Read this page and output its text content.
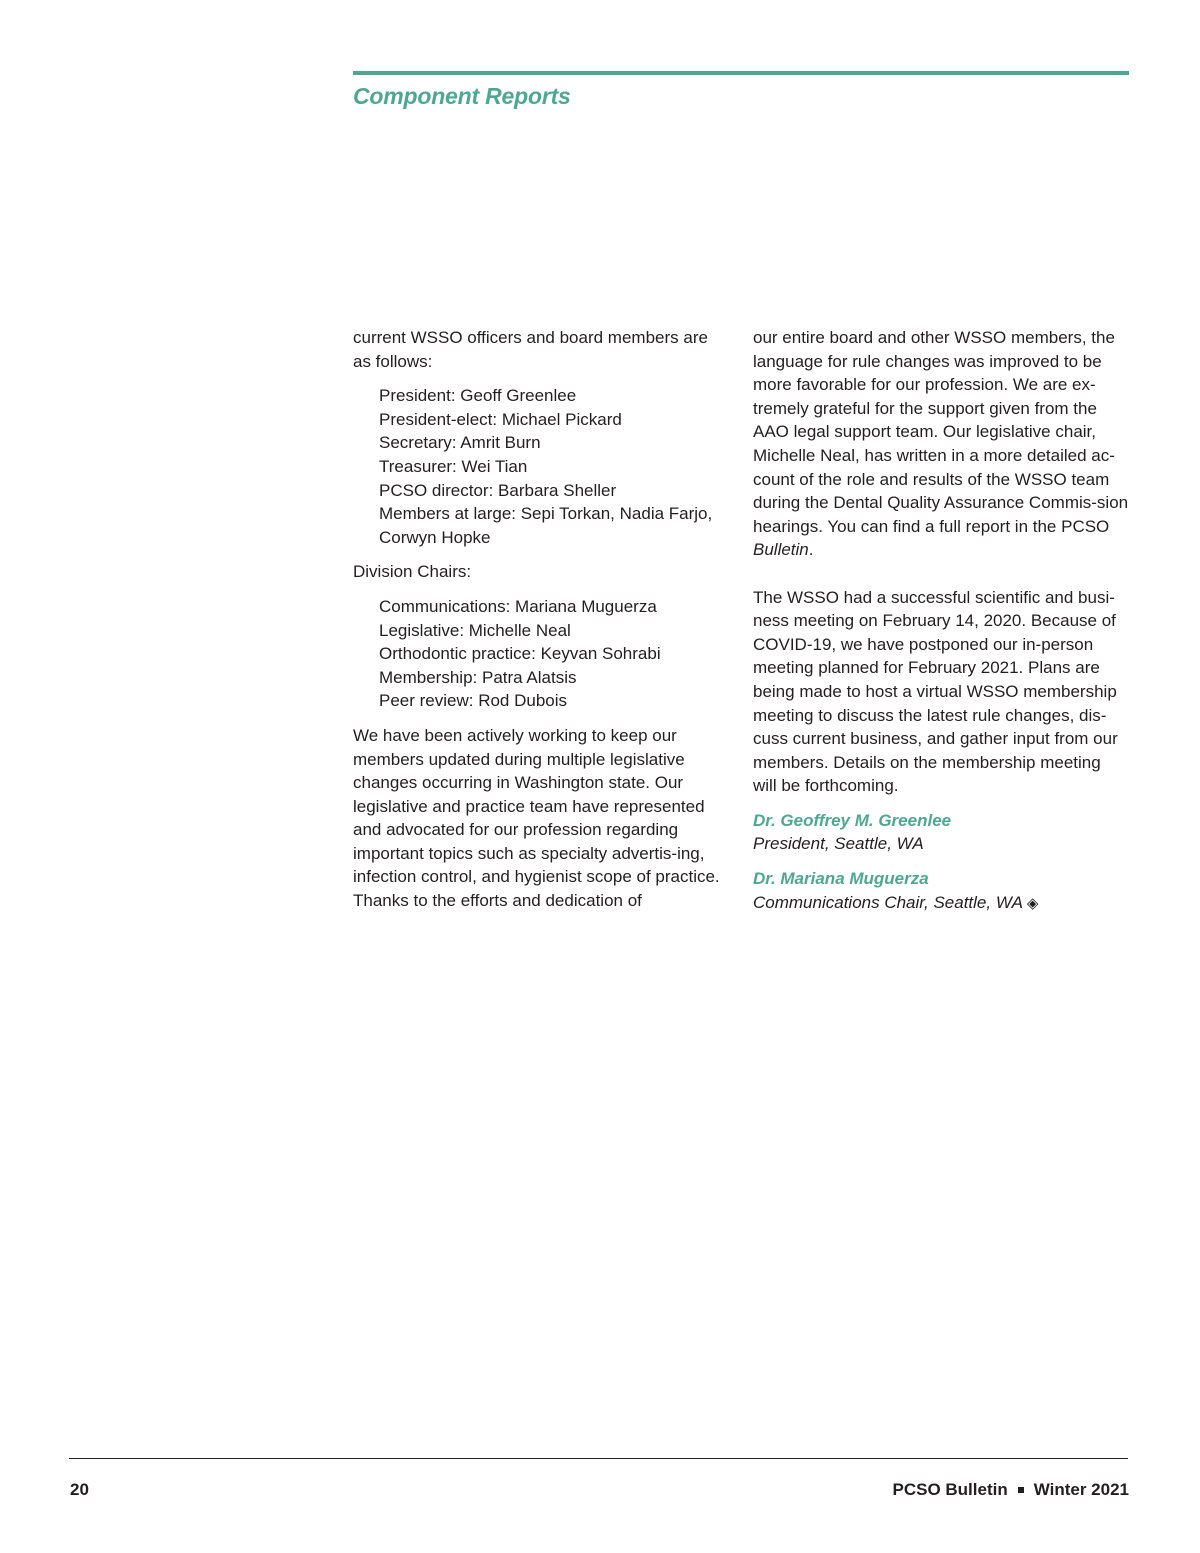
Component Reports

current WSSO officers and board members are as follows:

President: Geoff Greenlee
President-elect: Michael Pickard
Secretary: Amrit Burn
Treasurer: Wei Tian
PCSO director: Barbara Sheller
Members at large: Sepi Torkan, Nadia Farjo,
Corwyn Hopke

Division Chairs:

Communications: Mariana Muguerza
Legislative: Michelle Neal
Orthodontic practice: Keyvan Sohrabi
Membership: Patra Alatsis
Peer review: Rod Dubois

We have been actively working to keep our members updated during multiple legislative changes occurring in Washington state. Our legislative and practice team have represented and advocated for our profession regarding important topics such as specialty advertis-ing, infection control, and hygienist scope of practice. Thanks to the efforts and dedication of

our entire board and other WSSO members, the language for rule changes was improved to be more favorable for our profession. We are ex-tremely grateful for the support given from the AAO legal support team. Our legislative chair, Michelle Neal, has written in a more detailed ac-count of the role and results of the WSSO team during the Dental Quality Assurance Commis-sion hearings. You can find a full report in the PCSO Bulletin.

The WSSO had a successful scientific and busi-ness meeting on February 14, 2020. Because of COVID-19, we have postponed our in-person meeting planned for February 2021. Plans are being made to host a virtual WSSO membership meeting to discuss the latest rule changes, dis-cuss current business, and gather input from our members. Details on the membership meeting will be forthcoming.

Dr. Geoffrey M. Greenlee

President, Seattle, WA

Dr. Mariana Muguerza

Communications Chair, Seattle, WA ◈

20	PCSO Bulletin Winter 2021
